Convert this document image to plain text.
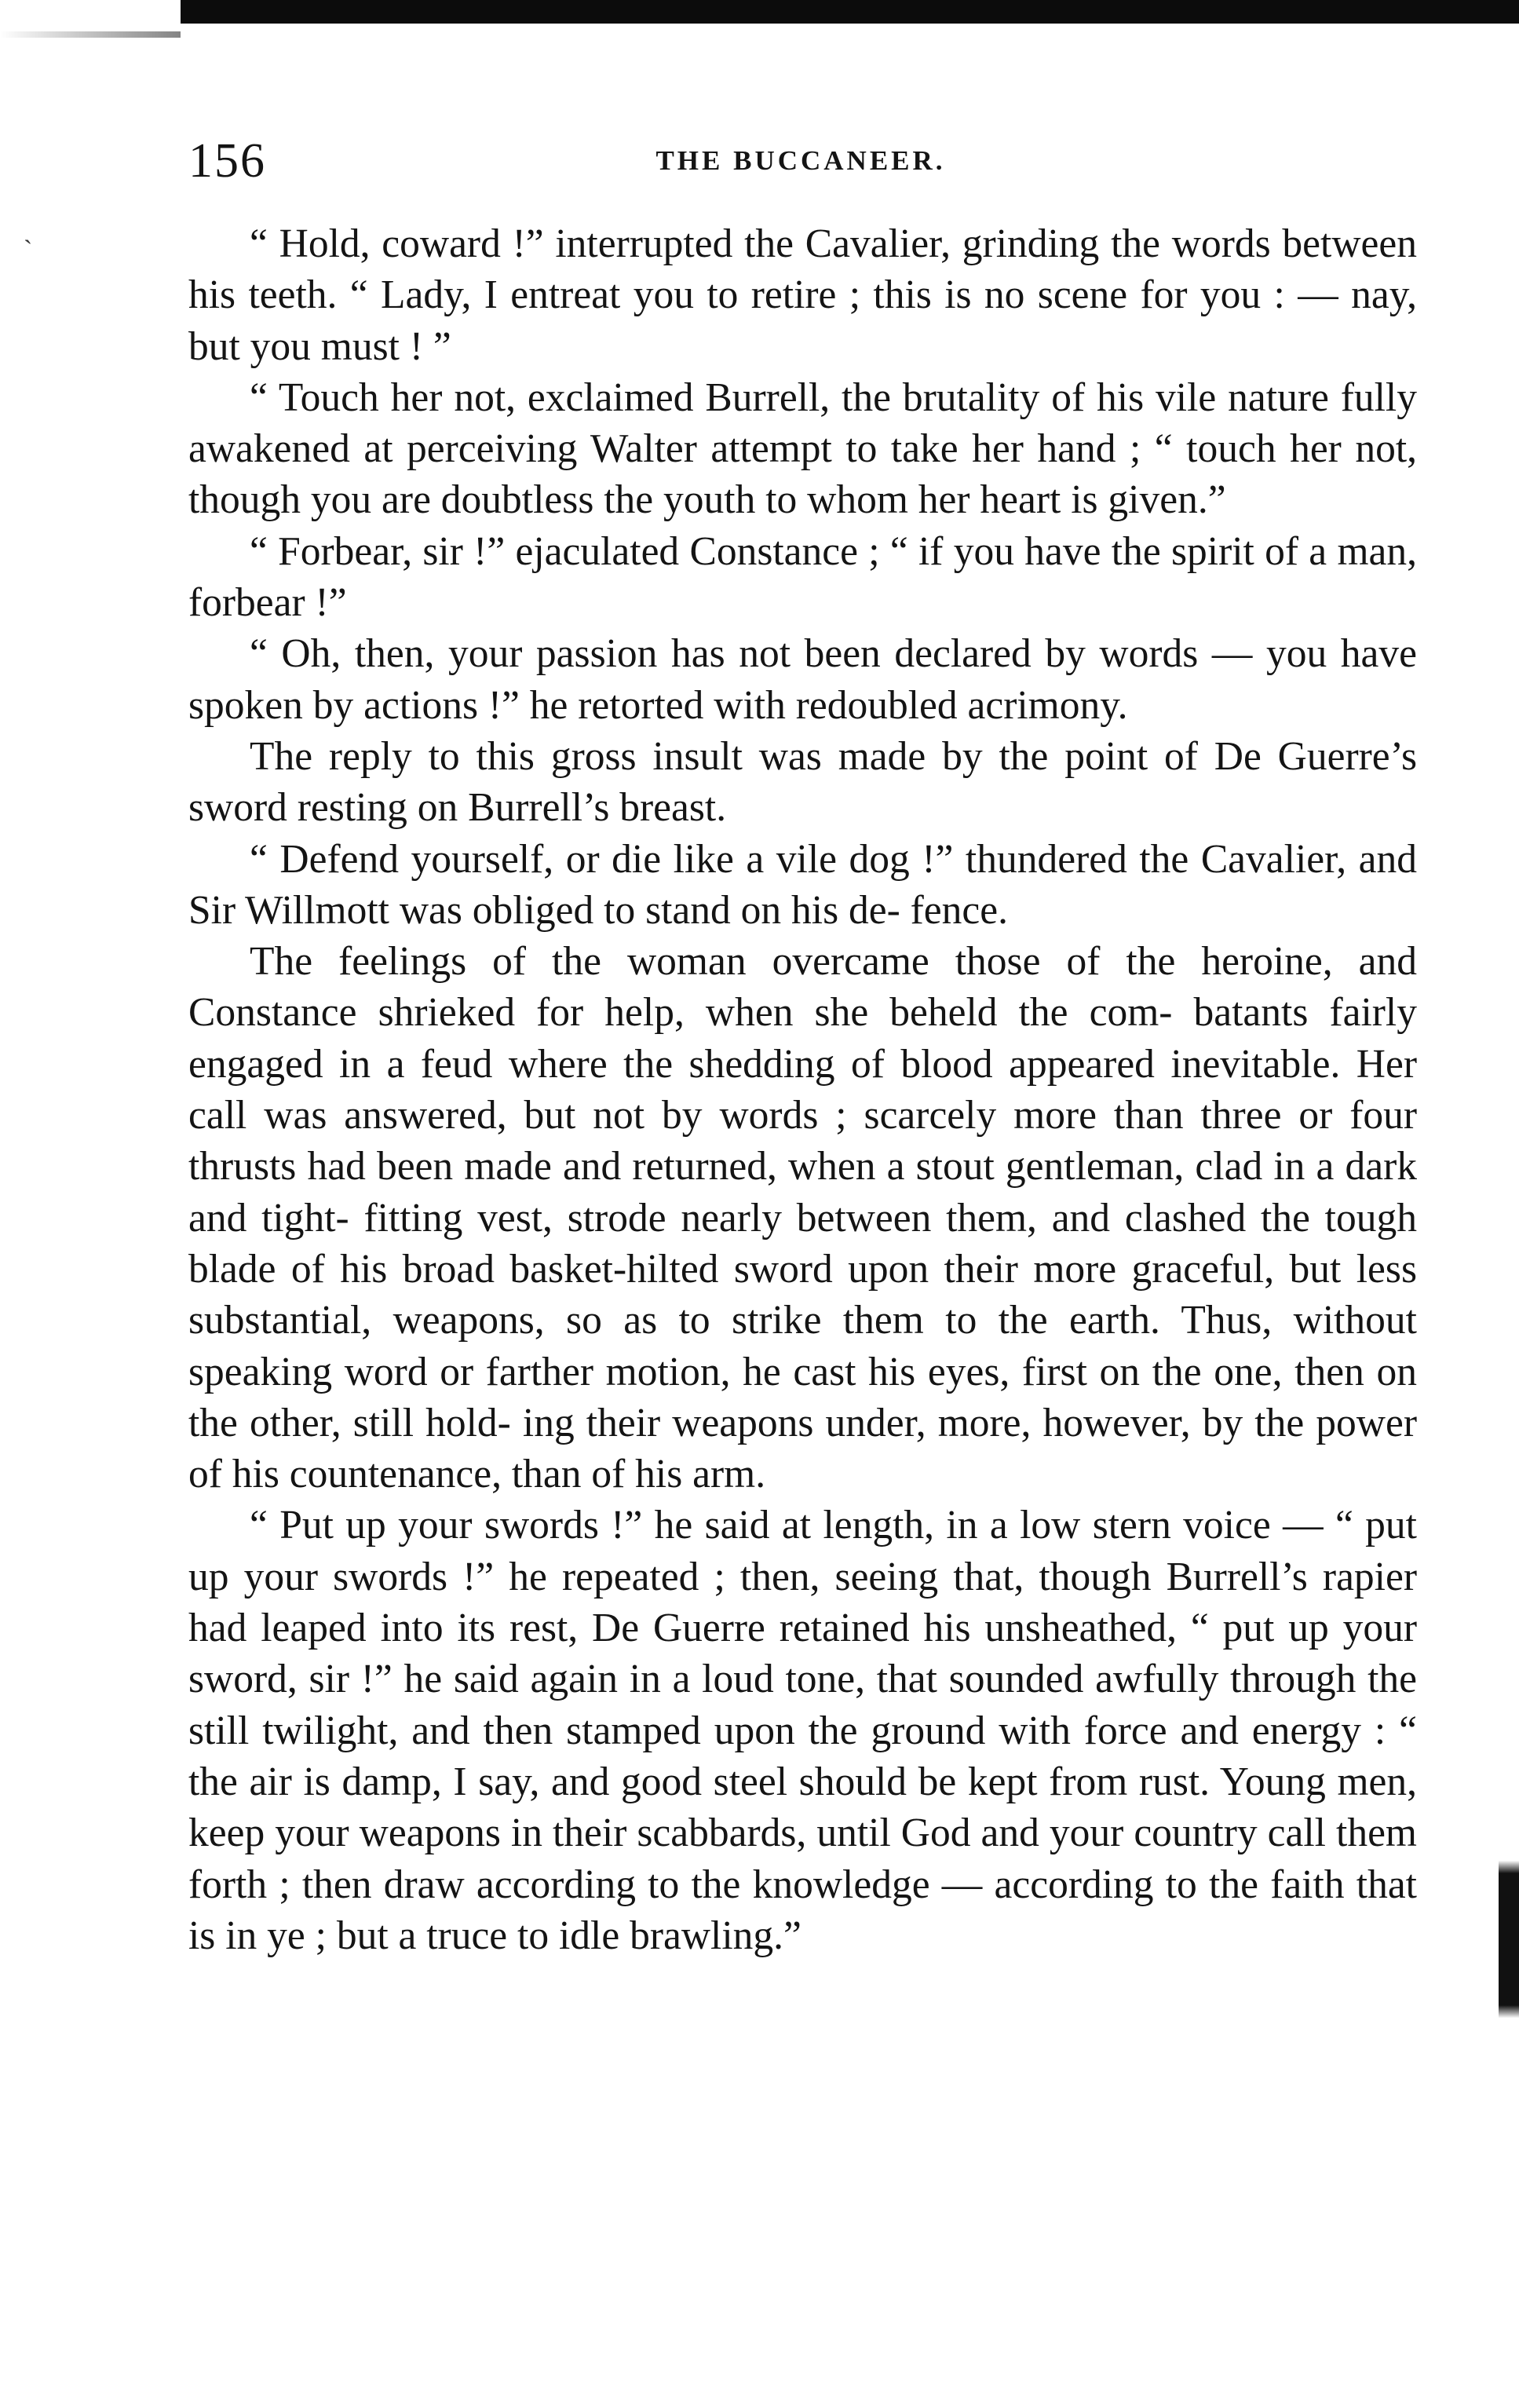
156	THE BUCCANEER.
`	“ Hold, coward !” interrupted the Cavalier, grinding the words between his teeth. “ Lady, I entreat you to retire ; this is no scene for you : — nay, but you must ! ”

“ Touch her not, exclaimed Burrell, the brutality of his vile nature fully awakened at perceiving Walter attempt to take her hand ; “ touch her not, though you are doubtless the youth to whom her heart is given.”

“ Forbear, sir !” ejaculated Constance ; “ if you have the spirit of a man, forbear !”

“ Oh, then, your passion has not been declared by words — you have spoken by actions !” he retorted with redoubled acrimony.

The reply to this gross insult was made by the point of De Guerre’s sword resting on Burrell’s breast.

“ Defend yourself, or die like a vile dog !” thundered the Cavalier, and Sir Willmott was obliged to stand on his de- fence.

The feelings of the woman overcame those of the heroine, and Constance shrieked for help, when she beheld the com- batants fairly engaged in a feud where the shedding of blood appeared inevitable. Her call was answered, but not by words ; scarcely more than three or four thrusts had been made and returned, when a stout gentleman, clad in a dark and tight- fitting vest, strode nearly between them, and clashed the tough blade of his broad basket-hilted sword upon their more graceful, but less substantial, weapons, so as to strike them to the earth. Thus, without speaking word or farther motion, he cast his eyes, first on the one, then on the other, still hold- ing their weapons under, more, however, by the power of his countenance, than of his arm.

“ Put up your swords !” he said at length, in a low stern voice — “ put up your swords !” he repeated ; then, seeing that, though Burrell’s rapier had leaped into its rest, De Guerre retained his unsheathed, “ put up your sword, sir !” he said again in a loud tone, that sounded awfully through the still twilight, and then stamped upon the ground with force and energy : “ the air is damp, I say, and good steel should be kept from rust. Young men, keep your weapons in their scabbards, until God and your country call them forth ; then draw according to the knowledge — according to the faith that is in ye ; but a truce to idle brawling.”
